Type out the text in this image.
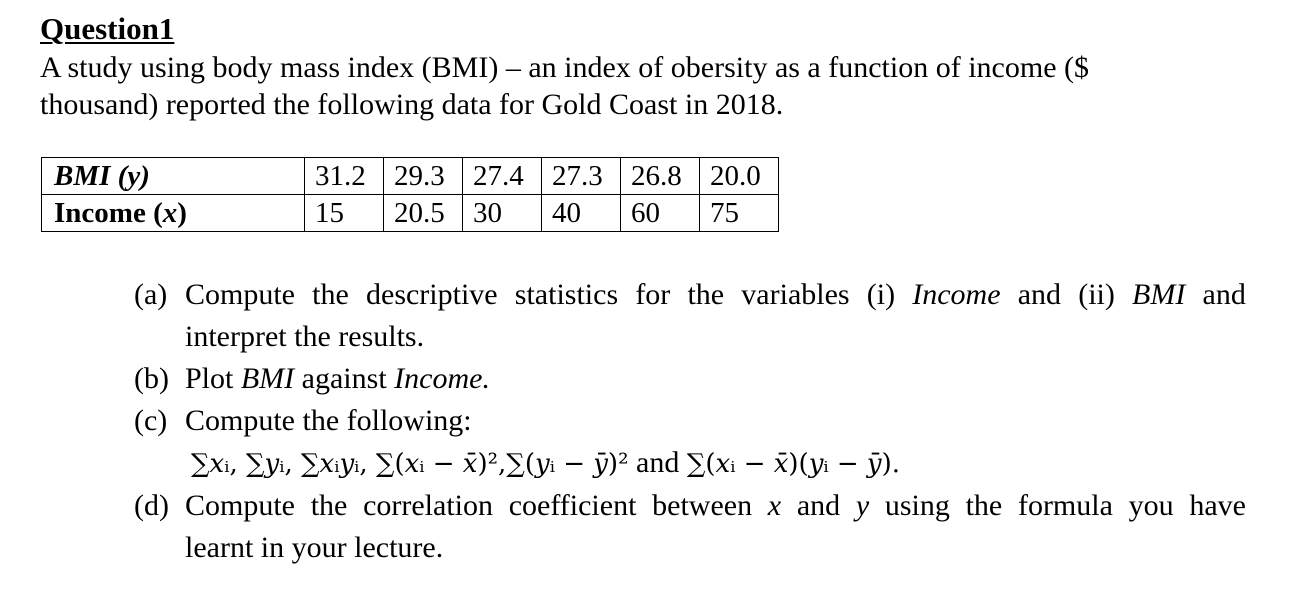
Question1
A study using body mass index (BMI) – an index of obersity as a function of income ($
thousand) reported the following data for Gold Coast in 2018.
BMI (y)	31.2	29.3	27.4	27.3	26.8	20.0
Income (x)	15	20.5	30	40	60	75
(a) Compute the descriptive statistics for the variables (i) Income and (ii) BMI and
interpret the results.
(b) Plot BMI against Income.
(c) Compute the following:
∑𝑥ᵢ, ∑𝑦ᵢ, ∑𝑥ᵢ𝑦ᵢ, ∑(𝑥ᵢ − 𝑥̄)²,∑(𝑦ᵢ − 𝑦̄)² and ∑(𝑥ᵢ − 𝑥̄)(𝑦ᵢ − 𝑦̄).
(d) Compute the correlation coefficient between x and y using the formula you have
learnt in your lecture.
